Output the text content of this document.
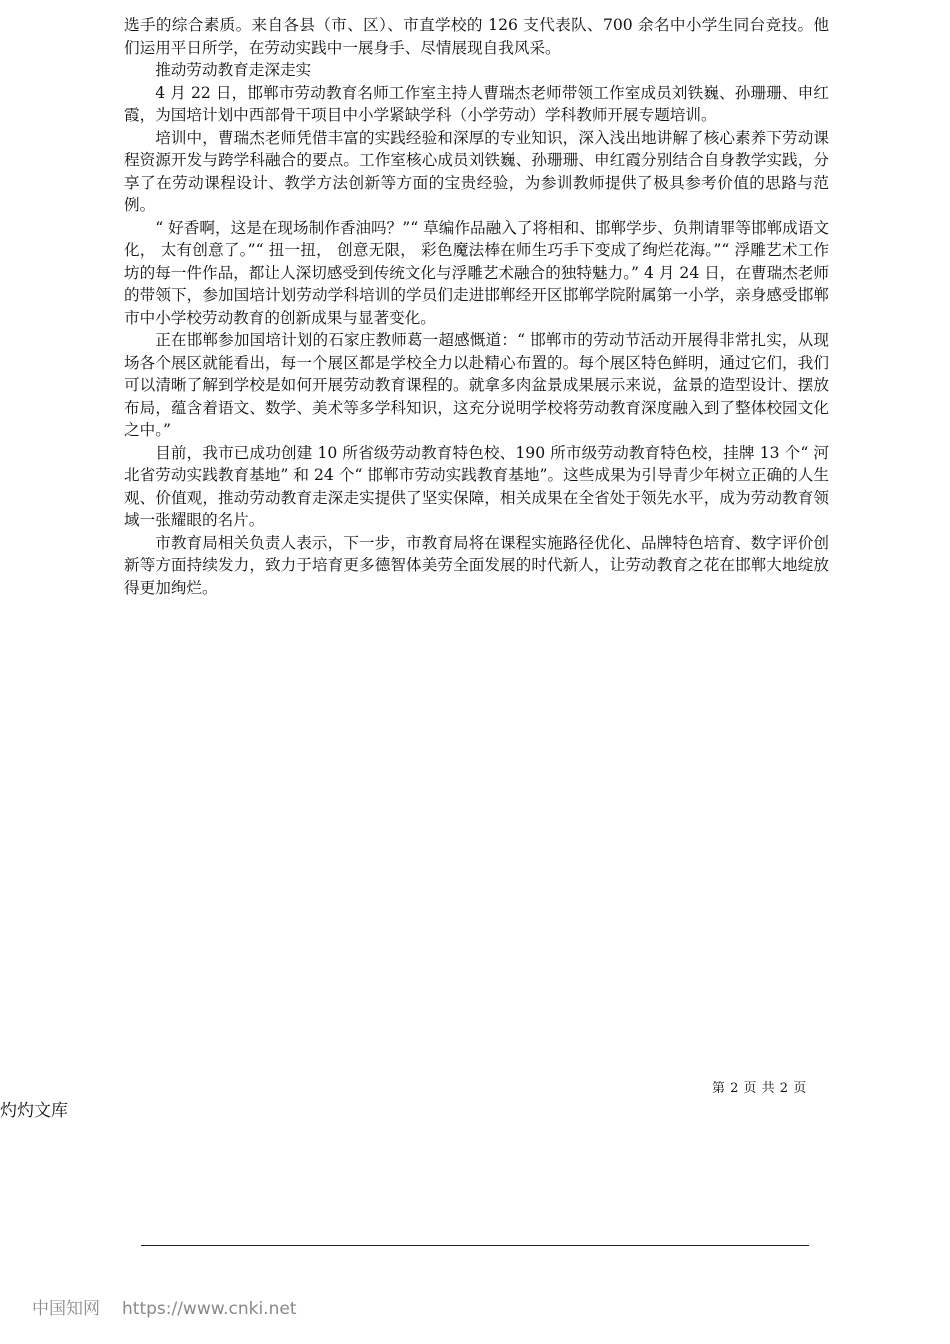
选手的综合素质。来自各县（市、区）、市直学校的 126 支代表队、700 余名中小学生同台竞技。他们运用平日所学，在劳动实践中一展身手、尽情展现自我风采。

推动劳动教育走深走实

4 月 22 日，邯郸市劳动教育名师工作室主持人曹瑞杰老师带领工作室成员刘铁巍、孙珊珊、申红霞，为国培计划中西部骨干项目中小学紧缺学科（小学劳动）学科教师开展专题培训。

培训中，曹瑞杰老师凭借丰富的实践经验和深厚的专业知识，深入浅出地讲解了核心素养下劳动课程资源开发与跨学科融合的要点。工作室核心成员刘铁巍、孙珊珊、申红霞分别结合自身教学实践，分享了在劳动课程设计、教学方法创新等方面的宝贵经验，为参训教师提供了极具参考价值的思路与范例。

“ 好香啊，这是在现场制作香油吗？”“ 草编作品融入了将相和、邯郸学步、负荆请罪等邯郸成语文化， 太有创意了。”“ 扭一扭， 创意无限， 彩色魔法棒在师生巧手下变成了绚烂花海。”“ 浮雕艺术工作坊的每一件作品，都让人深切感受到传统文化与浮雕艺术融合的独特魅力。” 4 月 24 日，在曹瑞杰老师的带领下，参加国培计划劳动学科培训的学员们走进邯郸经开区邯郸学院附属第一小学，亲身感受邯郸市中小学校劳动教育的创新成果与显著变化。

正在邯郸参加国培计划的石家庄教师葛一超感慨道：“ 邯郸市的劳动节活动开展得非常扎实，从现场各个展区就能看出，每一个展区都是学校全力以赴精心布置的。每个展区特色鲜明，通过它们，我们可以清晰了解到学校是如何开展劳动教育课程的。就拿多肉盆景成果展示来说，盆景的造型设计、摆放布局，蕴含着语文、数学、美术等多学科知识，这充分说明学校将劳动教育深度融入到了整体校园文化之中。”

目前，我市已成功创建 10 所省级劳动教育特色校、190 所市级劳动教育特色校，挂牌 13 个“ 河北省劳动实践教育基地” 和 24 个“ 邯郸市劳动实践教育基地”。这些成果为引导青少年树立正确的人生观、价值观，推动劳动教育走深走实提供了坚实保障，相关成果在全省处于领先水平，成为劳动教育领域一张耀眼的名片。

市教育局相关负责人表示，下一步，市教育局将在课程实施路径优化、品牌特色培育、数字评价创新等方面持续发力，致力于培育更多德智体美劳全面发展的时代新人，让劳动教育之花在邯郸大地绽放得更加绚烂。

第 2 页 共 2 页
灼灼文库
中国知网 https://www.cnki.net
